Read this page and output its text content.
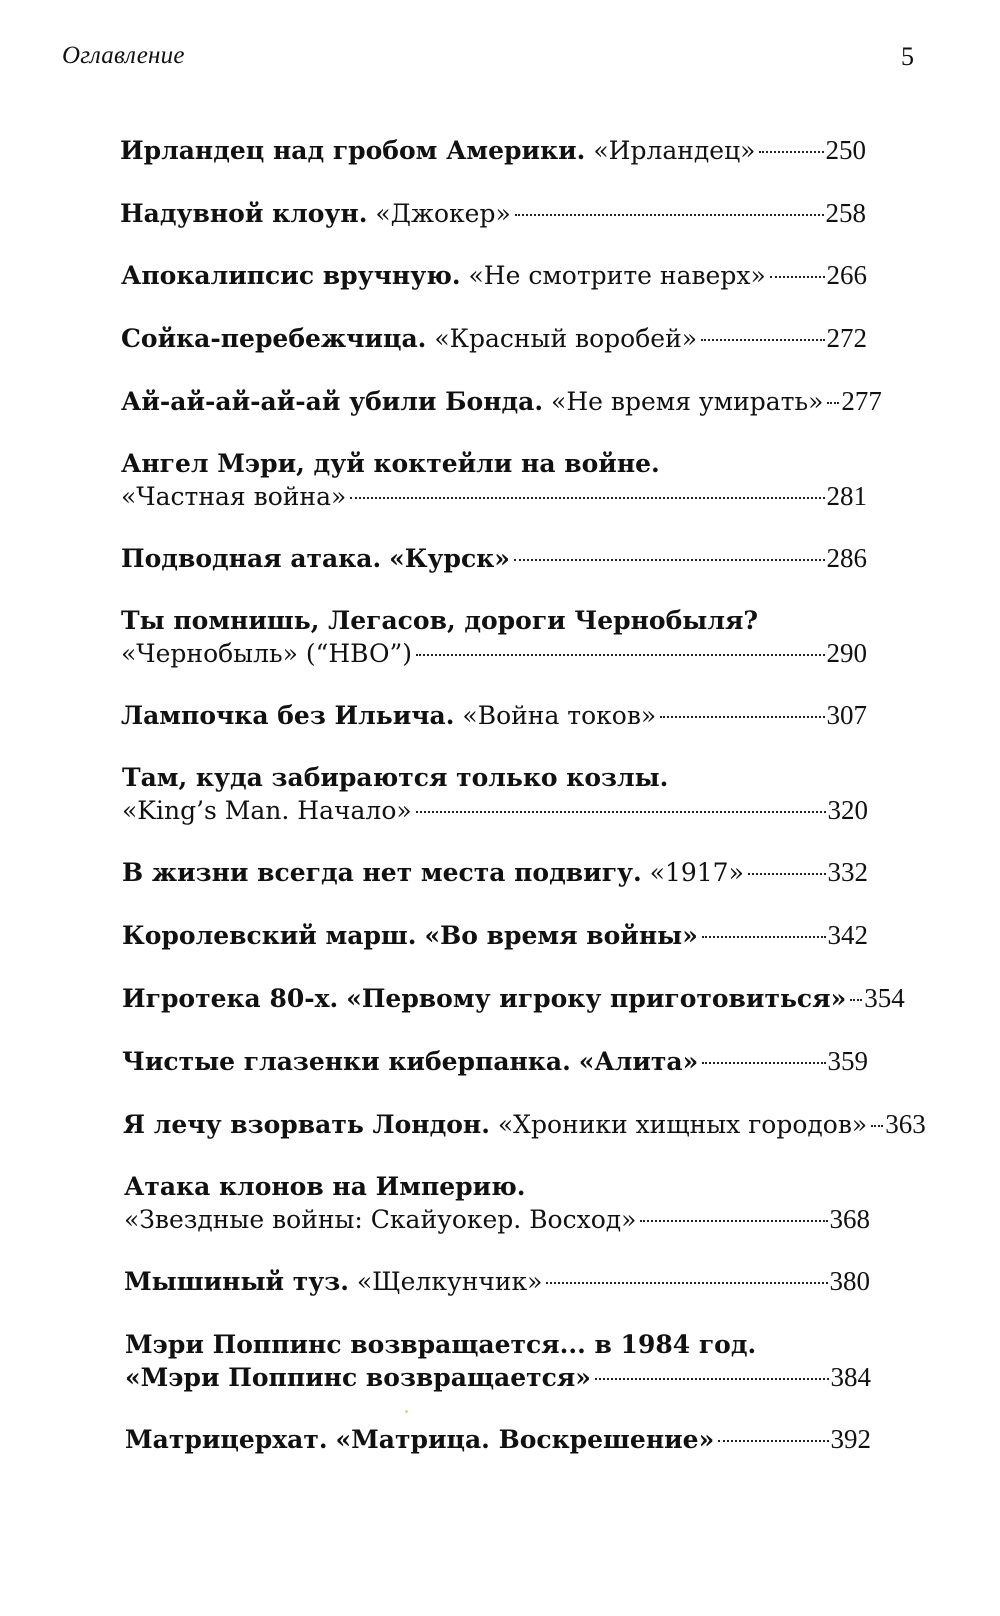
Оглавление	5
Ирландец над гробом Америки.
«Ирландец»	250
Надувной клоун.
«Джокер»	258
Апокалипсис вручную.
«Не смотрите наверх» 266
Сойка-перебежчица.
«Красный воробей»	272
Ай-ай-ай-ай-ай убили Бонда.
«Не время умирать» 277
Ангел Мэри, дуй коктейли на войне.
«Частная война»	281
Подводная атака.
«Курск»	286
Ты помнишь, Легасов, дороги Чернобыля?
«Чернобыль» (“HBO”)	290
Лампочка без Ильича.
«Война токов»	307
Там, куда забираются только козлы.
«King’s Man. Начало»	320
В жизни всегда нет места подвигу.
«1917»	332
Королевский марш.
«Во время войны»	342
Игротека 80-х.
«Первому игроку приготовиться» 354
Чистые глазенки киберпанка.
«Алита»	359
Я лечу взорвать Лондон.
«Хроники хищных городов» 363
Атака клонов на Империю.
«Звездные войны: Скайуокер. Восход»	368
Мышиный туз.
«Щелкунчик»	380
Мэри Поппинс возвращается... в 1984 год.
«Мэри Поппинс возвращается»	384
Матрицерхат.
«Матрица. Воскрешение»	392
